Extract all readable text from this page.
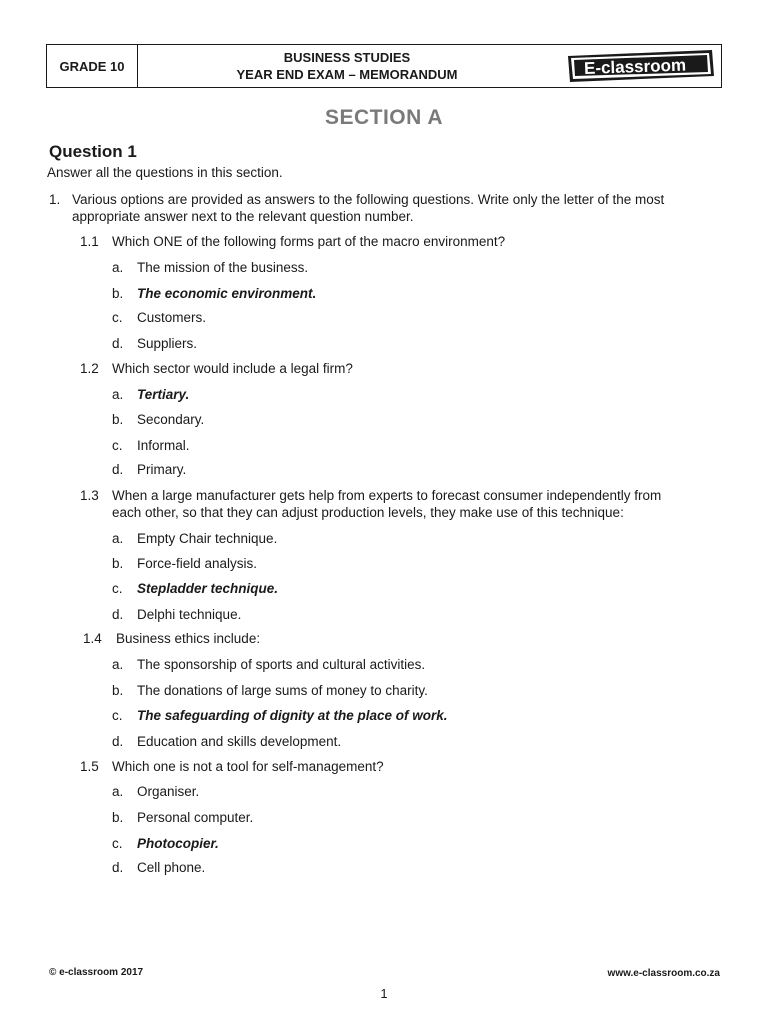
GRADE 10
BUSINESS STUDIES
YEAR END EXAM – MEMORANDUM	E-classroom
SECTION A
Question 1
Answer all the questions in this section.
1. Various options are provided as answers to the following questions. Write only the letter of the most
appropriate answer next to the relevant question number.
1.1 Which ONE of the following forms part of the macro environment?
a. The mission of the business.
b. The economic environment.
c. Customers.
d. Suppliers.
1.2 Which sector would include a legal firm?
a. Tertiary.
b. Secondary.
c. Informal.
d. Primary.
1.3 When a large manufacturer gets help from experts to forecast consumer independently from
each other, so that they can adjust production levels, they make use of this technique:
a. Empty Chair technique.
b. Force-field analysis.
c. Stepladder technique.
d. Delphi technique.
1.4 Business ethics include:
a. The sponsorship of sports and cultural activities.
b. The donations of large sums of money to charity.
c. The safeguarding of dignity at the place of work.
d. Education and skills development.
1.5 Which one is not a tool for self-management?
a. Organiser.
b. Personal computer.
c. Photocopier.
d. Cell phone.
© e-classroom 2017	www.e-classroom.co.za
1
